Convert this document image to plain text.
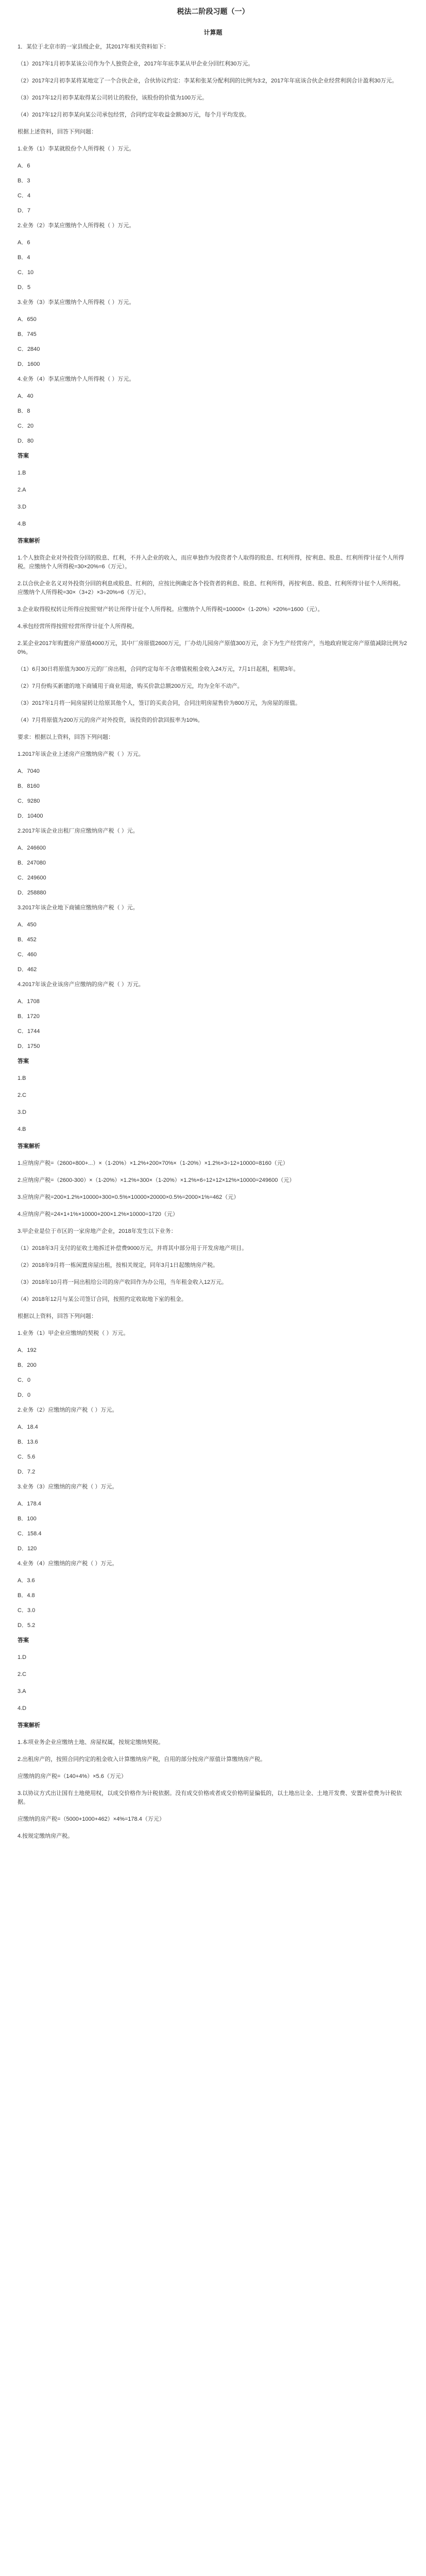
税法二阶段习题（一）
计算题
1．某位于北京市的一家县级企业，其2017年相关资料如下：
（1）2017年1月初李某该公司作为个人独资企业，2017年年底李某从甲企业分回红利30万元。
（2）2017年2月初李某将某地定了一个合伙企业，合伙协议约定：李某和张某分配利润的比例为3:2，2017年年底该合伙企业经营利润合计盈利30万元。
（3）2017年12月初李某取得某公司转让的股份，该股份的价值为100万元。
（4）2017年12月初李某向某公司承包经营，合同约定年收益金额30万元，每个月平均发放。
根据上述资料，回答下列问题：
1.业务（1）李某就股份个人所得税（ ）万元。
A．6
B．3
C．4
D．7
2.业务（2）李某应缴纳个人所得税（ ）万元。
A．6
B．4
C．10
D．5
3.业务（3）李某应缴纳个人所得税（ ）万元。
A．650
B．745
C．2840
D．1600
4.业务（4）李某应缴纳个人所得税（ ）万元。
A．40
B．8
C．20
D．80
答案
1.B
2.A
3.D
4.B
答案解析
1.个人独资企业对外投资分回的股息、红利，不并入企业的收入，而应单独作为投资者个人取得的股息、红利所得，按'利息、股息、红利所得'计征个人所得税。应缴纳个人所得税=30×20%=6（万元）。
2.以合伙企业名义对外投资分回的利息或股息、红利的，应按比例确定各个投资者的利息、股息、红利所得，再按'利息、股息、红利所得'计征个人所得税。应缴纳个人所得税=30×（3+2）×3÷20%=6（万元）。
3.企业取得股权转让所得应按照'财产转让所得'计征个人所得税。应缴纳个人所得税=10000×（1-20%）×20%=1600（元）。
4.承包经营所得按照'经营所得'计征个人所得税。
2.某企业2017年购置房产原值4000万元，其中厂房原值2600万元，厂办幼儿园房产原值300万元，余下为生产经营房产，当地政府规定房产原值减除比例为20%。
（1）6月30日将原值为300万元的厂房出租，合同约定每年不含增值税租金收入24万元，7月1日起租，租期3年。
（2）7月份购买新建的地下商铺用于商业用途，购买价款总额200万元，均为全年不动产。
（3）2017年1月将一间房屋转让给原其他个人，签订的买卖合同，合同注明房屋售价为800万元，为房屋的原值。
（4）7月将原值为200万元的房产对外投资，该投资的价款回报率为10%。
要求：根据以上资料，回答下列问题：
1.2017年该企业上述房产应缴纳房产税（ ）万元。
A．7040
B．8160
C．9280
D．10400
2.2017年该企业出租厂房应缴纳房产税（ ）元。
A．246600
B．247080
C．249600
D．258880
3.2017年该企业地下商铺应缴纳房产税（ ）元。
A．450
B．452
C．460
D．462
4.2017年该企业该房产应缴纳的房产税（ ）万元。
A．1708
B．1720
C．1744
D．1750
答案
1.B
2.C
3.D
4.B
答案解析
1.应纳房产税=（2600+800+...）×（1-20%）×1.2%+200×70%×（1-20%）×1.2%×3÷12+10000=8160（元）
2.应纳房产税=（2600-300）×（1-20%）×1.2%+300×（1-20%）×1.2%×6÷12+12×12%×10000=249600（元）
3.应纳房产税=200×1.2%×10000+300×0.5%×10000×20000×0.5%=2000×1%=462（元）
4.应纳房产税=24×1+1%×10000+200×1.2%×10000=1720（元）
3.甲企业是位于市区的一家房地产企业，2018年发生以下业务：
（1）2018年3月支付的征收土地拆迁补偿费9000万元，并将其中部分用于开发房地产项目。
（2）2018年9月将一栋闲置房屋出租，按相关规定，同年3月1日起缴纳房产税。
（3）2018年10月将一间出租给公司的房产收回作为办公用，当年租金收入12万元。
（4）2018年12月与某公司签订合同，按照约定收取地下室的租金。
根据以上资料，回答下列问题：
1.业务（1）甲企业应缴纳的契税（ ）万元。
A．192
B．200
C．0
D．0
2.业务（2）应缴纳的房产税（ ）万元。
A．18.4
B．13.6
C．5.6
D．7.2
3.业务（3）应缴纳的房产税（ ）万元。
A．178.4
B．100
C．158.4
D．120
4.业务（4）应缴纳的房产税（ ）万元。
A．3.6
B．4.8
C．3.0
D．5.2
答案
1.D
2.C
3.A
4.D
答案解析
1.本项业务企业应缴纳土地、房屋权属，按规定缴纳契税。
2.出租房产的，按照合同约定的租金收入计算缴纳房产税，自用的部分按房产原值计算缴纳房产税。
应缴纳的房产税=（140+4%）×5.6（万元）
3.以协议方式出让国有土地使用权，以成交价格作为计税依据。没有成交价格或者成交价格明显偏低的，以土地出让金、土地开发费、安置补偿费为计税依据。
应缴纳的房产税=（5000+1000+462）×4%=178.4（万元）
4.按规定缴纳房产税。
